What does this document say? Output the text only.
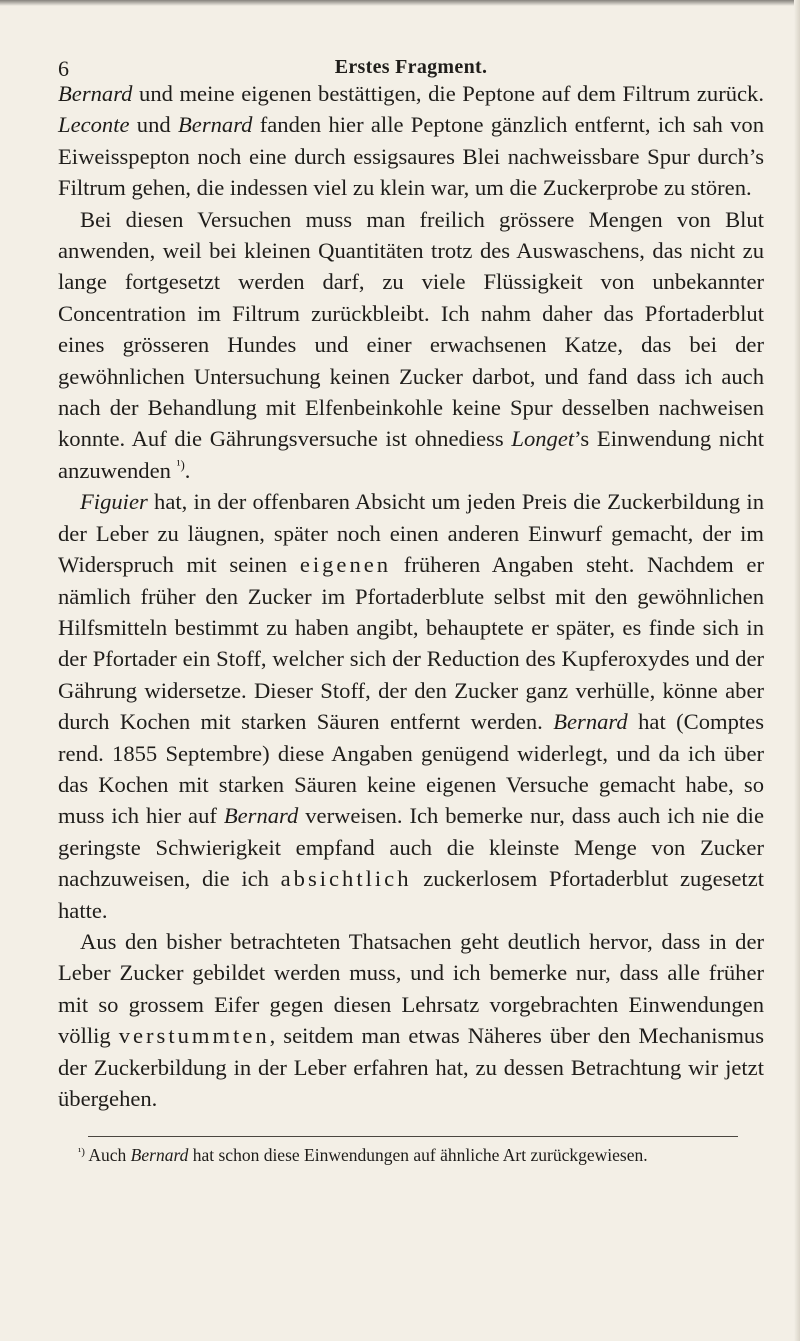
6	Erstes Fragment.

Bernard und meine eigenen bestättigen, die Peptone auf dem Filtrum zurück. Leconte und Bernard fanden hier alle Peptone gänzlich entfernt, ich sah von Eiweisspepton noch eine durch essigsaures Blei nachweissbare Spur durch’s Filtrum gehen, die indessen viel zu klein war, um die Zuckerprobe zu stören.

Bei diesen Versuchen muss man freilich grössere Mengen von Blut anwenden, weil bei kleinen Quantitäten trotz des Auswaschens, das nicht zu lange fortgesetzt werden darf, zu viele Flüssigkeit von unbekannter Concentration im Filtrum zurückbleibt. Ich nahm daher das Pfortaderblut eines grösseren Hundes und einer erwachsenen Katze, das bei der gewöhnlichen Untersuchung keinen Zucker darbot, und fand dass ich auch nach der Behandlung mit Elfenbeinkohle keine Spur desselben nachweisen konnte. Auf die Gährungsversuche ist ohnediess Longet’s Einwendung nicht anzuwenden $^{^1)}$.

Figuier hat, in der offenbaren Absicht um jeden Preis die Zuckerbildung in der Leber zu läugnen, später noch einen anderen Einwurf gemacht, der im Widerspruch mit seinen eigenen früheren Angaben steht. Nachdem er nämlich früher den Zucker im Pfortaderblute selbst mit den gewöhnlichen Hilfsmitteln bestimmt zu haben angibt, behauptete er später, es finde sich in der Pfortader ein Stoff, welcher sich der Reduction des Kupferoxydes und der Gährung widersetze. Dieser Stoff, der den Zucker ganz verhülle, könne aber durch Kochen mit starken Säuren entfernt werden. Bernard hat (Comptes rend. 1855 Septembre) diese Angaben genügend widerlegt, und da ich über das Kochen mit starken Säuren keine eigenen Versuche gemacht habe, so muss ich hier auf Bernard verweisen. Ich bemerke nur, dass auch ich nie die geringste Schwierigkeit empfand auch die kleinste Menge von Zucker nachzuweisen, die ich absichtlich zuckerlosem Pfortaderblut zugesetzt hatte.

Aus den bisher betrachteten Thatsachen geht deutlich hervor, dass in der Leber Zucker gebildet werden muss, und ich bemerke nur, dass alle früher mit so grossem Eifer gegen diesen Lehrsatz vorgebrachten Einwendungen völlig verstummten, seitdem man etwas Näheres über den Mechanismus der Zuckerbildung in der Leber erfahren hat, zu dessen Betrachtung wir jetzt übergehen.

$^{^1)}$ Auch Bernard hat schon diese Einwendungen auf ähnliche Art zurückgewiesen.
